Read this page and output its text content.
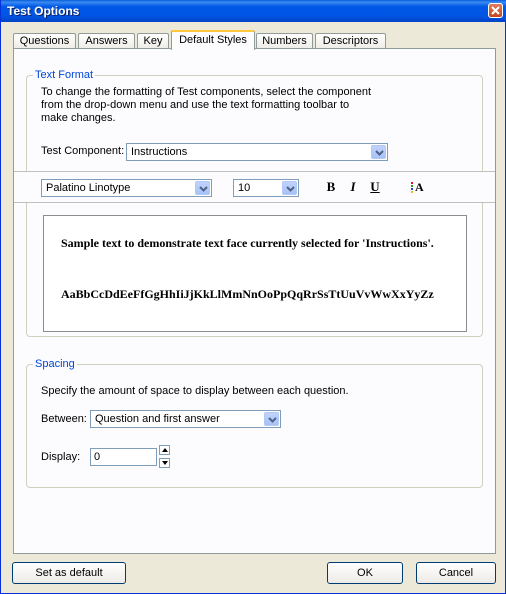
Test Options
Questions	Answers	Key	Default Styles	Numbers	Descriptors
Text Format
To change the formatting of Test components, select the component
from the drop-down menu and use the text formatting toolbar to
make changes.
Test Component: Instructions
Palatino Linotype	10	B	I	U	A
Sample text to demonstrate text face currently selected for 'Instructions'.
AaBbCcDdEeFfGgHhIiJjKkLlMmNnOoPpQqRrSsTtUuVvWwXxYyZz
Spacing
Specify the amount of space to display between each question.
Between: Question and first answer
Display:	0
Set as default	OK	Cancel
